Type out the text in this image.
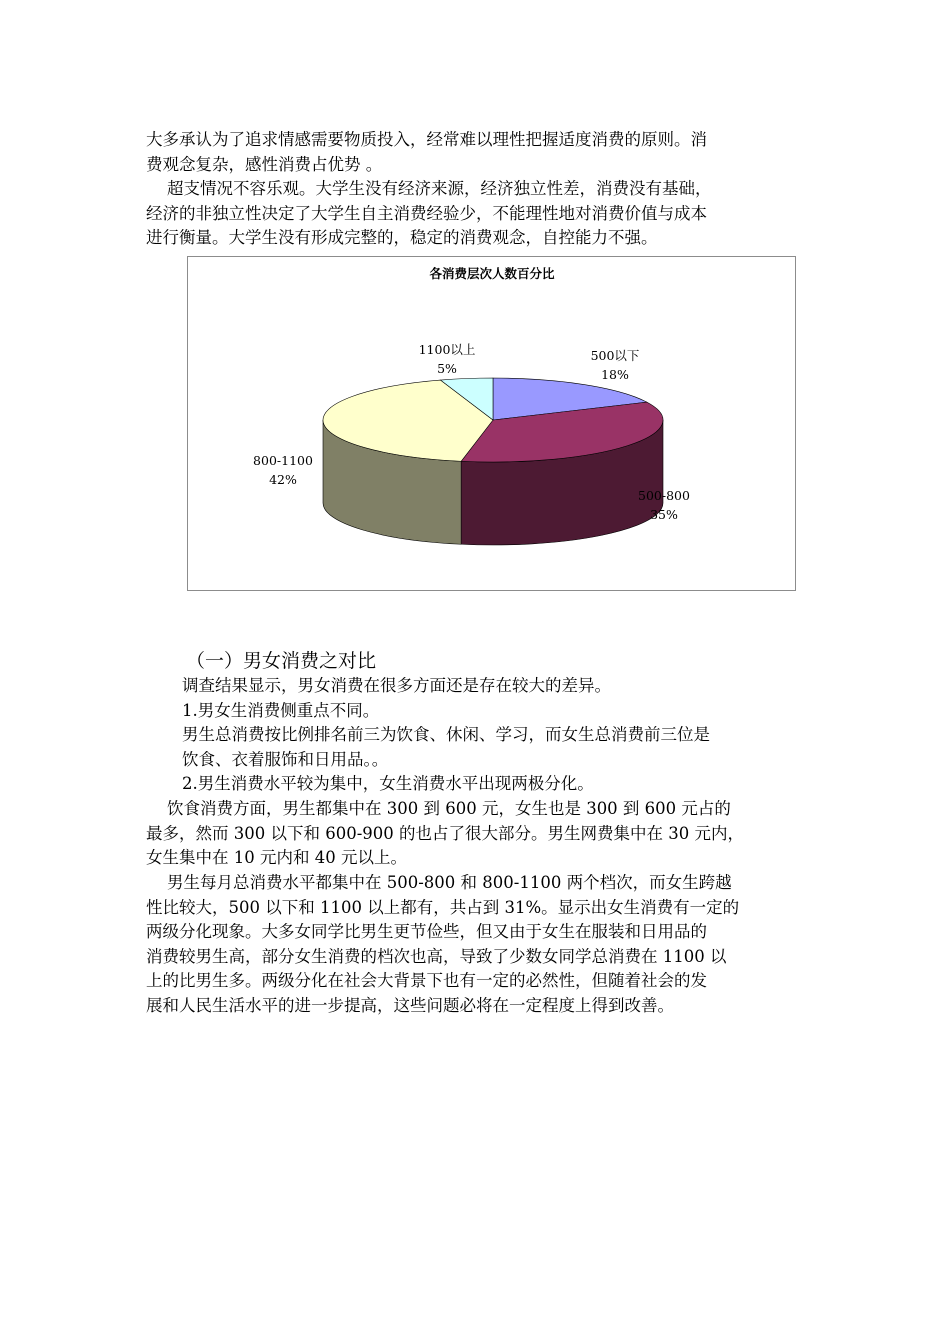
大多承认为了追求情感需要物质投入，经常难以理性把握适度消费的原则。消
费观念复杂，感性消费占优势 。
超支情况不容乐观。大学生没有经济来源，经济独立性差，消费没有基础，
经济的非独立性决定了大学生自主消费经验少，不能理性地对消费价值与成本
进行衡量。大学生没有形成完整的，稳定的消费观念，自控能力不强。
各消费层次人数百分比
500以下
18%
500-800
35%
800-1100
42%
1100以上
5%
（一）男女消费之对比
调查结果显示，男女消费在很多方面还是存在较大的差异。
1.男女生消费侧重点不同。
男生总消费按比例排名前三为饮食、休闲、学习，而女生总消费前三位是
饮食、衣着服饰和日用品。。
2.男生消费水平较为集中，女生消费水平出现两极分化。
饮食消费方面，男生都集中在 300 到 600 元，女生也是 300 到 600 元占的
最多，然而 300 以下和 600-900 的也占了很大部分。男生网费集中在 30 元内，
女生集中在 10 元内和 40 元以上。
男生每月总消费水平都集中在 500-800 和 800-1100 两个档次，而女生跨越
性比较大，500 以下和 1100 以上都有，共占到 31%。显示出女生消费有一定的
两级分化现象。大多女同学比男生更节俭些，但又由于女生在服装和日用品的
消费较男生高，部分女生消费的档次也高，导致了少数女同学总消费在 1100 以
上的比男生多。两级分化在社会大背景下也有一定的必然性，但随着社会的发
展和人民生活水平的进一步提高，这些问题必将在一定程度上得到改善。
